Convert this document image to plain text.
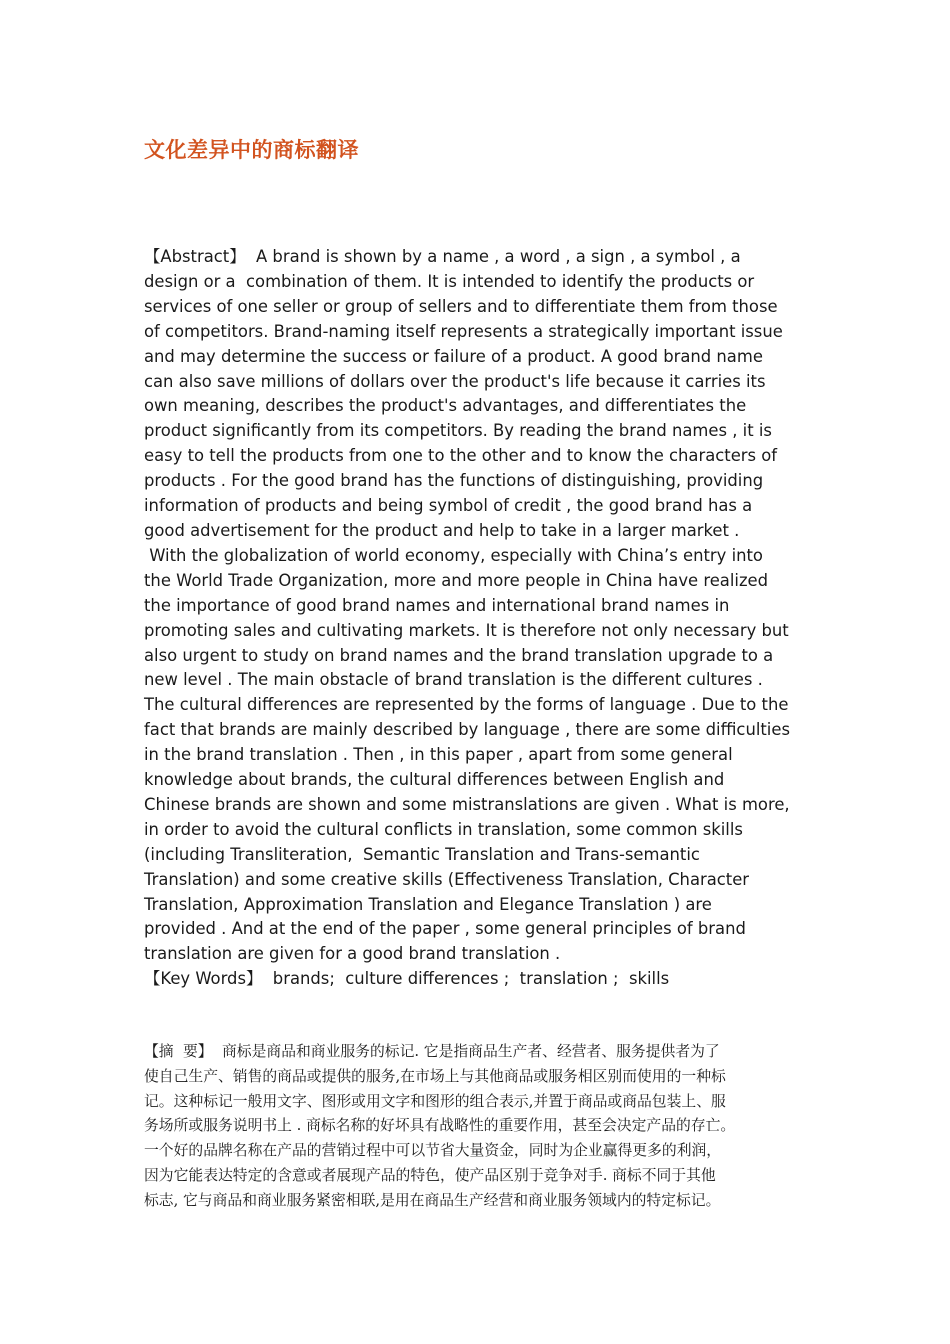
文化差异中的商标翻译
【Abstract】  A brand is shown by a name , a word , a sign , a symbol , a
design or a  combination of them. It is intended to identify the products or
services of one seller or group of sellers and to differentiate them from those
of competitors. Brand-naming itself represents a strategically important issue
and may determine the success or failure of a product. A good brand name
can also save millions of dollars over the product's life because it carries its
own meaning, describes the product's advantages, and differentiates the
product significantly from its competitors. By reading the brand names , it is
easy to tell the products from one to the other and to know the characters of
products . For the good brand has the functions of distinguishing, providing
information of products and being symbol of credit , the good brand has a
good advertisement for the product and help to take in a larger market .
With the globalization of world economy, especially with China’s entry into
the World Trade Organization, more and more people in China have realized
the importance of good brand names and international brand names in
promoting sales and cultivating markets. It is therefore not only necessary but
also urgent to study on brand names and the brand translation upgrade to a
new level . The main obstacle of brand translation is the different cultures .
The cultural differences are represented by the forms of language . Due to the
fact that brands are mainly described by language , there are some difficulties
in the brand translation . Then , in this paper , apart from some general
knowledge about brands, the cultural differences between English and
Chinese brands are shown and some mistranslations are given . What is more,
in order to avoid the cultural conflicts in translation, some common skills
(including Transliteration,  Semantic Translation and Trans-semantic
Translation) and some creative skills (Effectiveness Translation, Character
Translation, Approximation Translation and Elegance Translation ) are
provided . And at the end of the paper , some general principles of brand
translation are given for a good brand translation .
【Key Words】  brands;  culture differences ;  translation ;  skills
【摘  要】  商标是商品和商业服务的标记. 它是指商品生产者、经营者、服务提供者为了
使自己生产、销售的商品或提供的服务,在市场上与其他商品或服务相区别而使用的一种标
记。这种标记一般用文字、图形或用文字和图形的组合表示,并置于商品或商品包装上、服
务场所或服务说明书上 . 商标名称的好坏具有战略性的重要作用，甚至会决定产品的存亡。
一个好的品牌名称在产品的营销过程中可以节省大量资金，同时为企业赢得更多的利润，
因为它能表达特定的含意或者展现产品的特色，使产品区别于竞争对手. 商标不同于其他
标志, 它与商品和商业服务紧密相联,是用在商品生产经营和商业服务领域内的特定标记。
